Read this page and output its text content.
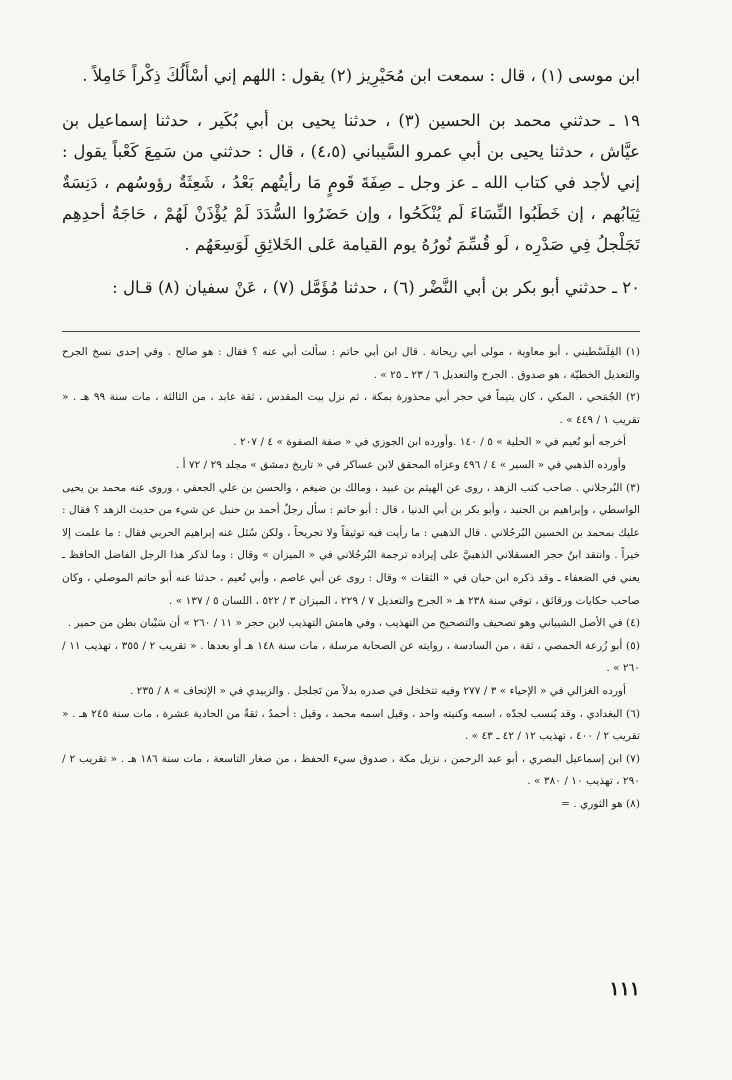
ابن موسى (١) ، قال : سمعت ابن مُحَيْرِيز (٢) يقول : اللهم إني أسْأَلُكَ ذِكْراً خَامِلاً .

١٩ ـ حدثني محمد بن الحسين (٣) ، حدثنا يحيى بن أبي بُكَير ، حدثنا إسماعيل بن عيَّاش ، حدثنا يحيى بن أبي عمرو السَّيباني (٤،٥) ، قال : حدثني من سَمِعَ كَعْباً يقول : إني لأجد في كتاب الله ـ عز وجل ـ صِفَةَ قَومٍ مَا رأيتُهم بَعْدُ ، شَعِثَةٌ رؤوسُهم ، دَنِسَةٌ ثِيَابُهم ، إن خَطَبُوا النِّسَاءَ لَم يُنْكَحُوا ، وإن حَضَرُوا السُّدَدَ لَمْ يُؤْذَنْ لَهُمْ ، حَاجَةُ أحدِهِم تَجَلْجلُ فِي صَدْرِه ، لَو قُسِّمَ نُورُهُ يوم القيامة عَلى الخَلائِقِ لَوَسِعَهُم .

٢٠ ـ حدثني أبو بكر بن أبي النَّضْر (٦) ، حدثنا مُؤَمَّل (٧) ، عَنْ سفيان (٨) قـال :

(١) الفِلَسْطيني ، أبو معاوية ، مولى أبي ريحانة . قال ابن أبي حاتم : سألت أبي عنه ؟ فقال : هو صالح . وفي إحدى نسخ الجرح والتعديل الخطيّة ، هو صدوق . الجرح والتعديل ٦ / ٢٣ ـ ٢٥ » .

(٢) الجُمَحي ، المكي ، كان يتيماً في حجر أبي محذورة بمكة ، ثم نزل بيت المقدس ، ثقة عابد ، من الثالثة ، مات سنة ٩٩ هـ . « تقريب ١ / ٤٤٩ » .

أخرجه أبو نُعيم في « الحلية » ٥ / ١٤٠ .وأورده ابن الجوزي في « صفة الصفوة » ٤ / ٢٠٧ .

وأورده الذهبي في « السير » ٤ / ٤٩٦ وعزاه المحقق لابن عساكر في « تاريخ دمشق » مجلد ٢٩ / ٧٢ أ .

(٣) البُرجلاني . صاحب كتب الزهد ، روى عن الهيثم بن عبيد ، ومالك بن ضيغم ، والحسن بن علي الجعفي ، وروى عنه محمد بن يحيى الواسطي ، وإبراهيم بن الجنيد ، وأبو بكر بن أبي الدنيا ، قال : أبو حاتم : سأل رجلٌ أحمد بن حنبل عن شيء من حديث الزهد ؟ فقال : عليك بمحمد بن الحسين البُرجُلاني . قال الذهبي : ما رأيت فيه توثيقاً ولا تجريحاً ، ولكن سُئل عنه إبراهيم الحربي فقال : ما علمت إلا خيراً . وانتقد ابنُ حجر العسقلاني الذهبيَّ على إيراده ترجمة البُرجُلاني في « الميزان » وقال : وما لذكر هذا الرجل الفاضل الحافظ ـ يعني في الضعفاء ـ وقد ذكره ابن حبان في « الثقات » وقال : روى عن أبي عاصم ، وأبي نُعيم ، حدثنا عنه أبو حاتم الموصلي ، وكان صاحب حكايات ورقائق ، توفي سنة ٢٣٨ هـ « الجرح والتعديل ٧ / ٢٢٩ ، الميزان ٣ / ٥٢٢ ، اللسان ٥ / ١٣٧ » .

(٤) في الأصل الشيباني وهو تصحيف والتصحيح من التهذيب ، وفي هامش التهذيب لابن حجر « ١١ / ٢٦٠ » أن سَيْبان بطن من حمير .

(٥) أبو زُرعة الحمصي ، ثقة ، من السادسة ، روايته عن الصحابة مرسلة ، مات سنة ١٤٨ هـ أو بعدها . « تقريب ٢ / ٣٥٥ ، تهذيب ١١ / ٢٦٠ » .

أورده الغزالي في « الإحياء » ٣ / ٢٧٧ وفيه تتخلخل في صدره بدلاً من تَجلجل . والزبيدي في « الإتحاف » ٨ / ٢٣٥ .

(٦) البغدادي ، وقد يُنسب لجدّه ، اسمه وكنيته واحد ، وقيل اسمه محمد ، وقيل : أحمدُ ، ثقةٌ من الحادية عشرة ، مات سنة ٢٤٥ هـ . « تقريب ٢ / ٤٠٠ ، تهذيب ١٢ / ٤٢ ـ ٤٣ » .

(٧) ابن إسماعيل البصري ، أبو عبد الرحمن ، نزيل مكة ، صدوق سيء الحفظ ، من صغار التاسعة ، مات سنة ١٨٦ هـ . « تقريب ٢ / ٢٩٠ ، تهذيب ١٠ / ٣٨٠ » .

(٨) هو الثوري . =

١١١
